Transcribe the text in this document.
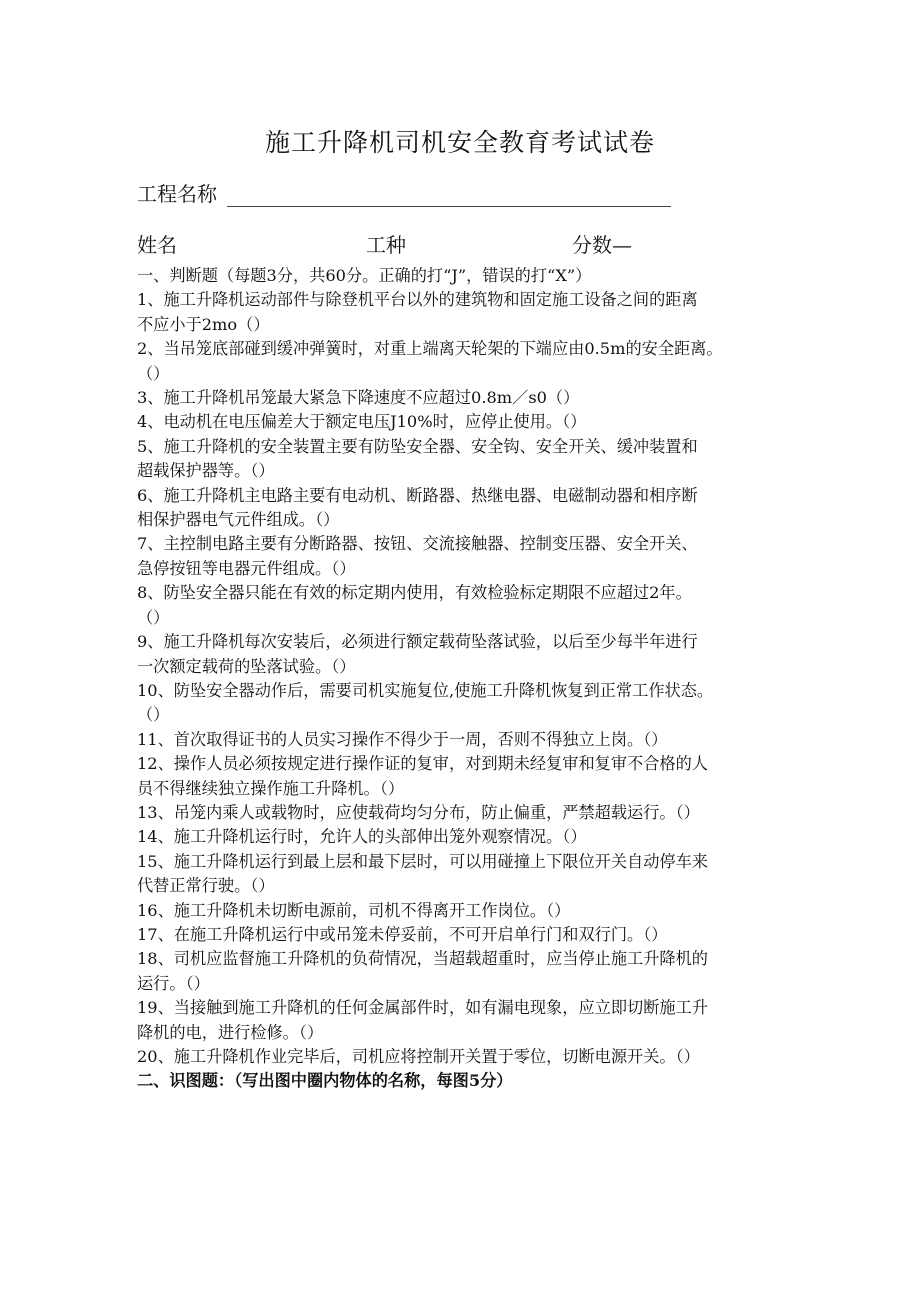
施工升降机司机安全教育考试试卷
工程名称
姓名	工种	分数—

一、判断题（每题3分，共60分。正确的打“J”，错误的打“X”）

1、施工升降机运动部件与除登机平台以外的建筑物和固定施工设备之间的距离

不应小于2mo（）

2、当吊笼底部碰到缓冲弹簧时，对重上端离天轮架的下端应由0.5m的安全距离。

（）

3、施工升降机吊笼最大紧急下降速度不应超过0.8m／s0（）

4、电动机在电压偏差大于额定电压J10%时，应停止使用。（）

5、施工升降机的安全装置主要有防坠安全器、安全钩、安全开关、缓冲装置和

超载保护器等。（）

6、施工升降机主电路主要有电动机、断路器、热继电器、电磁制动器和相序断

相保护器电气元件组成。（）

7、主控制电路主要有分断路器、按钮、交流接触器、控制变压器、安全开关、

急停按钮等电器元件组成。（）

8、防坠安全器只能在有效的标定期内使用，有效检验标定期限不应超过2年。

（）

9、施工升降机每次安装后，必须进行额定载荷坠落试验，以后至少每半年进行

一次额定载荷的坠落试验。（）

10、防坠安全器动作后，需要司机实施复位,使施工升降机恢复到正常工作状态。

（）

11、首次取得证书的人员实习操作不得少于一周，否则不得独立上岗。（）

12、操作人员必须按规定进行操作证的复审，对到期未经复审和复审不合格的人

员不得继续独立操作施工升降机。（）

13、吊笼内乘人或载物时，应使载荷均匀分布，防止偏重，严禁超载运行。（）

14、施工升降机运行时，允许人的头部伸出笼外观察情况。（）

15、施工升降机运行到最上层和最下层时，可以用碰撞上下限位开关自动停车来

代替正常行驶。（）

16、施工升降机未切断电源前，司机不得离开工作岗位。（）

17、在施工升降机运行中或吊笼未停妥前，不可开启单行门和双行门。（）

18、司机应监督施工升降机的负荷情况，当超载超重时，应当停止施工升降机的

运行。（）

19、当接触到施工升降机的任何金属部件时，如有漏电现象，应立即切断施工升

降机的电，进行检修。（）

20、施工升降机作业完毕后，司机应将控制开关置于零位，切断电源开关。（）

二、识图题：（写出图中圈内物体的名称，每图5分）
